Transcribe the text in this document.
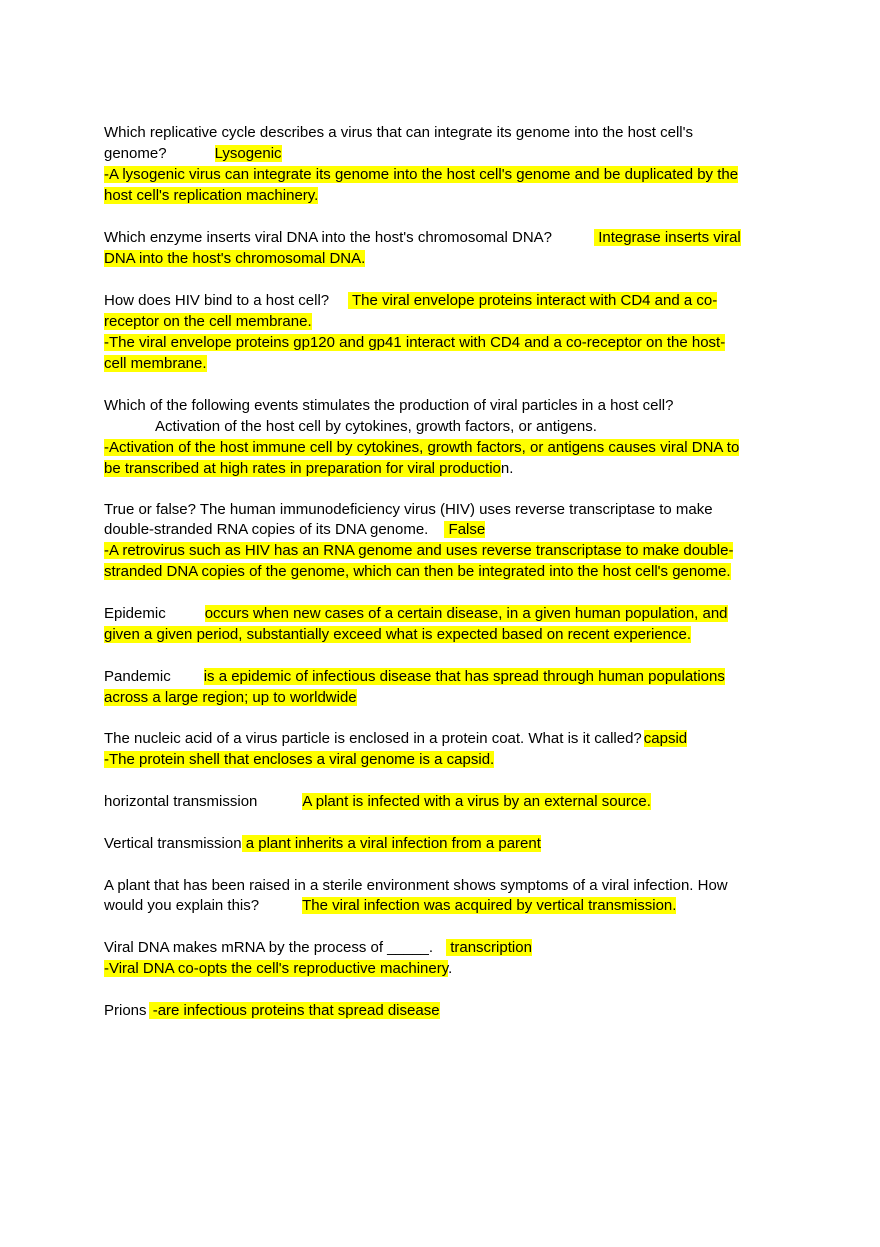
Which replicative cycle describes a virus that can integrate its genome into the host cell's
genome?	Lysogenic
-A lysogenic virus can integrate its genome into the host cell's genome and be duplicated by the
host cell's replication machinery.
Which enzyme inserts viral DNA into the host's chromosomal DNA?	Integrase inserts viral
DNA into the host's chromosomal DNA.
How does HIV bind to a host cell? The viral envelope proteins interact with CD4 and a co-
receptor on the cell membrane.
-The viral envelope proteins gp120 and gp41 interact with CD4 and a co-receptor on the host-
cell membrane.
Which of the following events stimulates the production of viral particles in a host cell?
Activation of the host cell by cytokines, growth factors, or antigens.
-Activation of the host immune cell by cytokines, growth factors, or antigens causes viral DNA to
be transcribed at high rates in preparation for viral production.
True or false? The human immunodeficiency virus (HIV) uses reverse transcriptase to make
double-stranded RNA copies of its DNA genome. False
-A retrovirus such as HIV has an RNA genome and uses reverse transcriptase to make double-
stranded DNA copies of the genome, which can then be integrated into the host cell's genome.
Epidemic	occurs when new cases of a certain disease, in a given human population, and
given a given period, substantially exceed what is expected based on recent experience.
Pandemic is a epidemic of infectious disease that has spread through human populations
across a large region; up to worldwide
The nucleic acid of a virus particle is enclosed in a protein coat. What is it called? capsid
-The protein shell that encloses a viral genome is a capsid.
horizontal transmission	A plant is infected with a virus by an external source.
Vertical transmission a plant inherits a viral infection from a parent
A plant that has been raised in a sterile environment shows symptoms of a viral infection. How
would you explain this?	The viral infection was acquired by vertical transmission.
Viral DNA makes mRNA by the process of _____. transcription
-Viral DNA co-opts the cell's reproductive machinery.
Prions -are infectious proteins that spread disease
